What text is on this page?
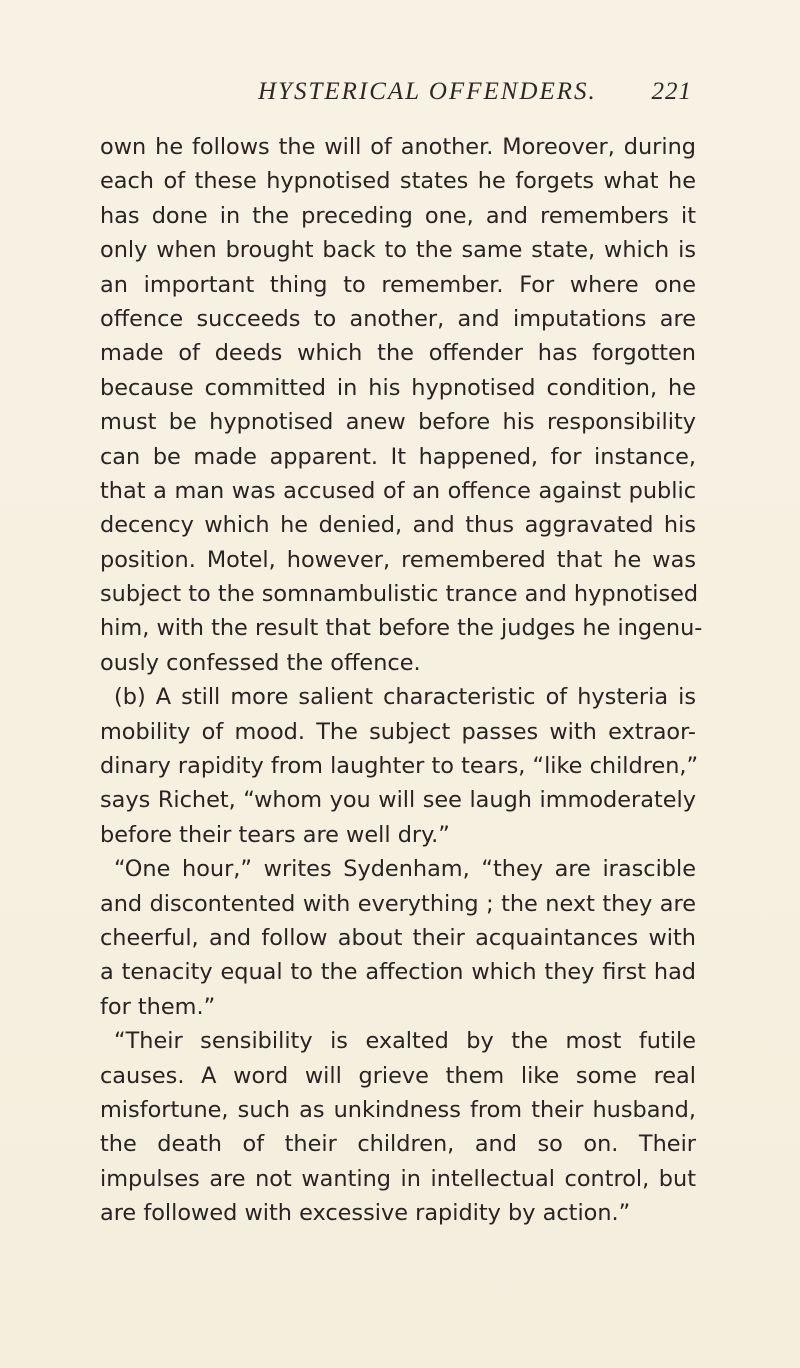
HYSTERICAL OFFENDERS. 221
own he follows the will of another. Moreover, during
each of these hypnotised states he forgets what he
has done in the preceding one, and remembers it
only when brought back to the same state, which is
an important thing to remember. For where one
offence succeeds to another, and imputations are
made of deeds which the offender has forgotten
because committed in his hypnotised condition, he
must be hypnotised anew before his responsibility
can be made apparent. It happened, for instance,
that a man was accused of an offence against public
decency which he denied, and thus aggravated his
position. Motel, however, remembered that he was
subject to the somnambulistic trance and hypnotised
him, with the result that before the judges he ingenu-
ously confessed the offence.
(b) A still more salient characteristic of hysteria is
mobility of mood. The subject passes with extraor-
dinary rapidity from laughter to tears, “like children,”
says Richet, “whom you will see laugh immoderately
before their tears are well dry.”
“One hour,” writes Sydenham, “they are irascible
and discontented with everything ; the next they are
cheerful, and follow about their acquaintances with
a tenacity equal to the affection which they first had
for them.”
“Their sensibility is exalted by the most futile
causes. A word will grieve them like some real
misfortune, such as unkindness from their husband,
the death of their children, and so on. Their
impulses are not wanting in intellectual control, but
are followed with excessive rapidity by action.”
